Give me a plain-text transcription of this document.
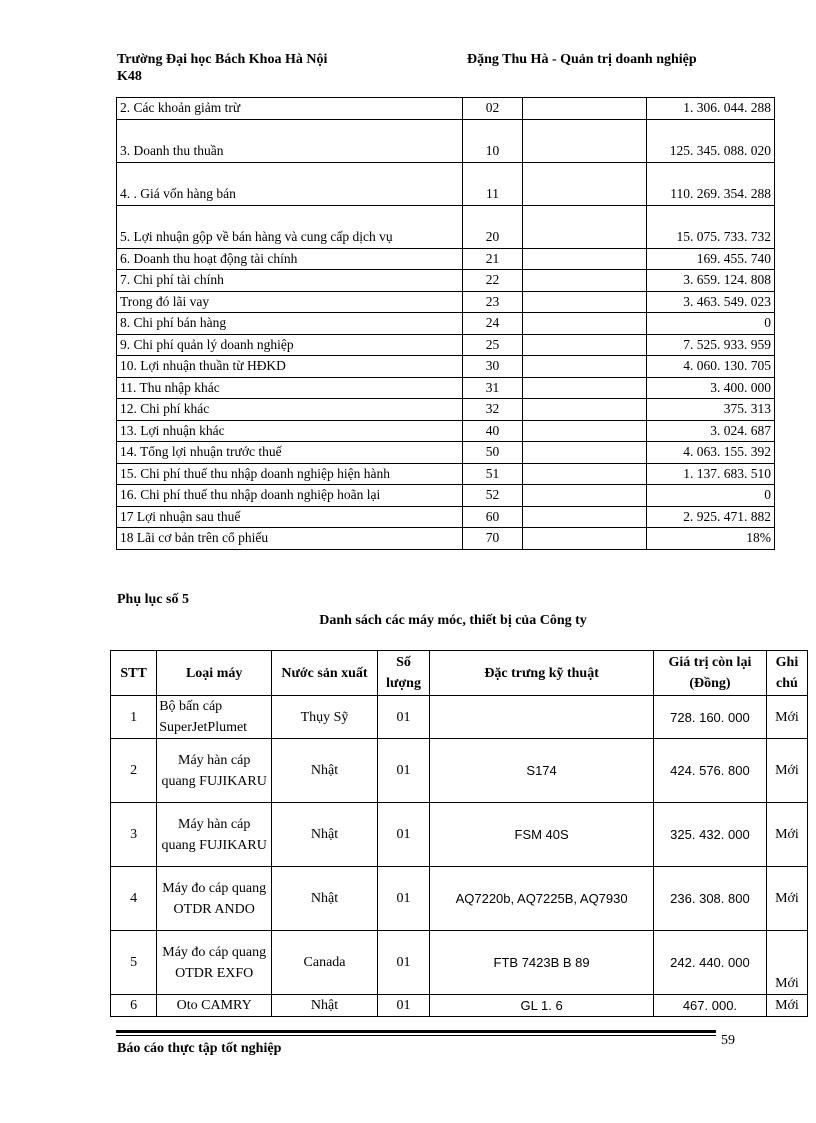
Trường Đại học Bách Khoa Hà Nội
K48
Đặng Thu Hà - Quản trị doanh nghiệp
2. Các khoản giảm trừ	02		1. 306. 044. 288
3. Doanh thu thuần	10		125. 345. 088. 020
4. . Giá vốn hàng bán	11		110. 269. 354. 288
5. Lợi nhuận gộp về bán hàng và cung cấp dịch vụ	20		15. 075. 733. 732
6. Doanh thu hoạt động tài chính	21		169. 455. 740
7. Chi phí tài chính	22		3. 659. 124. 808
Trong đó lãi vay	23		3. 463. 549. 023
8. Chi phí bán hàng	24		0
9. Chi phí quản lý doanh nghiệp	25		7. 525. 933. 959
10. Lợi nhuận thuần từ HĐKD	30		4. 060. 130. 705
11. Thu nhập khác	31		3. 400. 000
12. Chi phí khác	32		375. 313
13. Lợi nhuận khác	40		3. 024. 687
14. Tổng lợi nhuận trước thuế	50		4. 063. 155. 392
15. Chi phí thuế thu nhập doanh nghiệp hiện hành	51		1. 137. 683. 510
16. Chi phí thuế thu nhập doanh nghiệp hoãn lại	52		0
17 Lợi nhuận sau thuế	60		2. 925. 471. 882
18 Lãi cơ bản trên cổ phiếu	70		18%
Phụ lục số 5
Danh sách các máy móc, thiết bị của Công ty
STT	Loại máy	Nước sản xuất	Số lượng	Đặc trưng kỹ thuật	Giá trị còn lại (Đồng)	Ghi chú
1	Bộ bấn cáp SuperJetPlumet	Thụy Sỹ	01		728. 160. 000	Mới
2	Máy hàn cáp quang FUJIKARU	Nhật	01	S174	424. 576. 800	Mới
3	Máy hàn cáp quang FUJIKARU	Nhật	01	FSM 40S	325. 432. 000	Mới
4	Máy đo cáp quang OTDR ANDO	Nhật	01	AQ7220b, AQ7225B, AQ7930	236. 308. 800	Mới
5	Máy đo cáp quang OTDR EXFO	Canada	01	FTB 7423B B 89	242. 440. 000	Mới
6	Oto CAMRY	Nhật	01	GL 1. 6	467. 000.	Mới
59
Báo cáo thực tập tốt nghiệp
